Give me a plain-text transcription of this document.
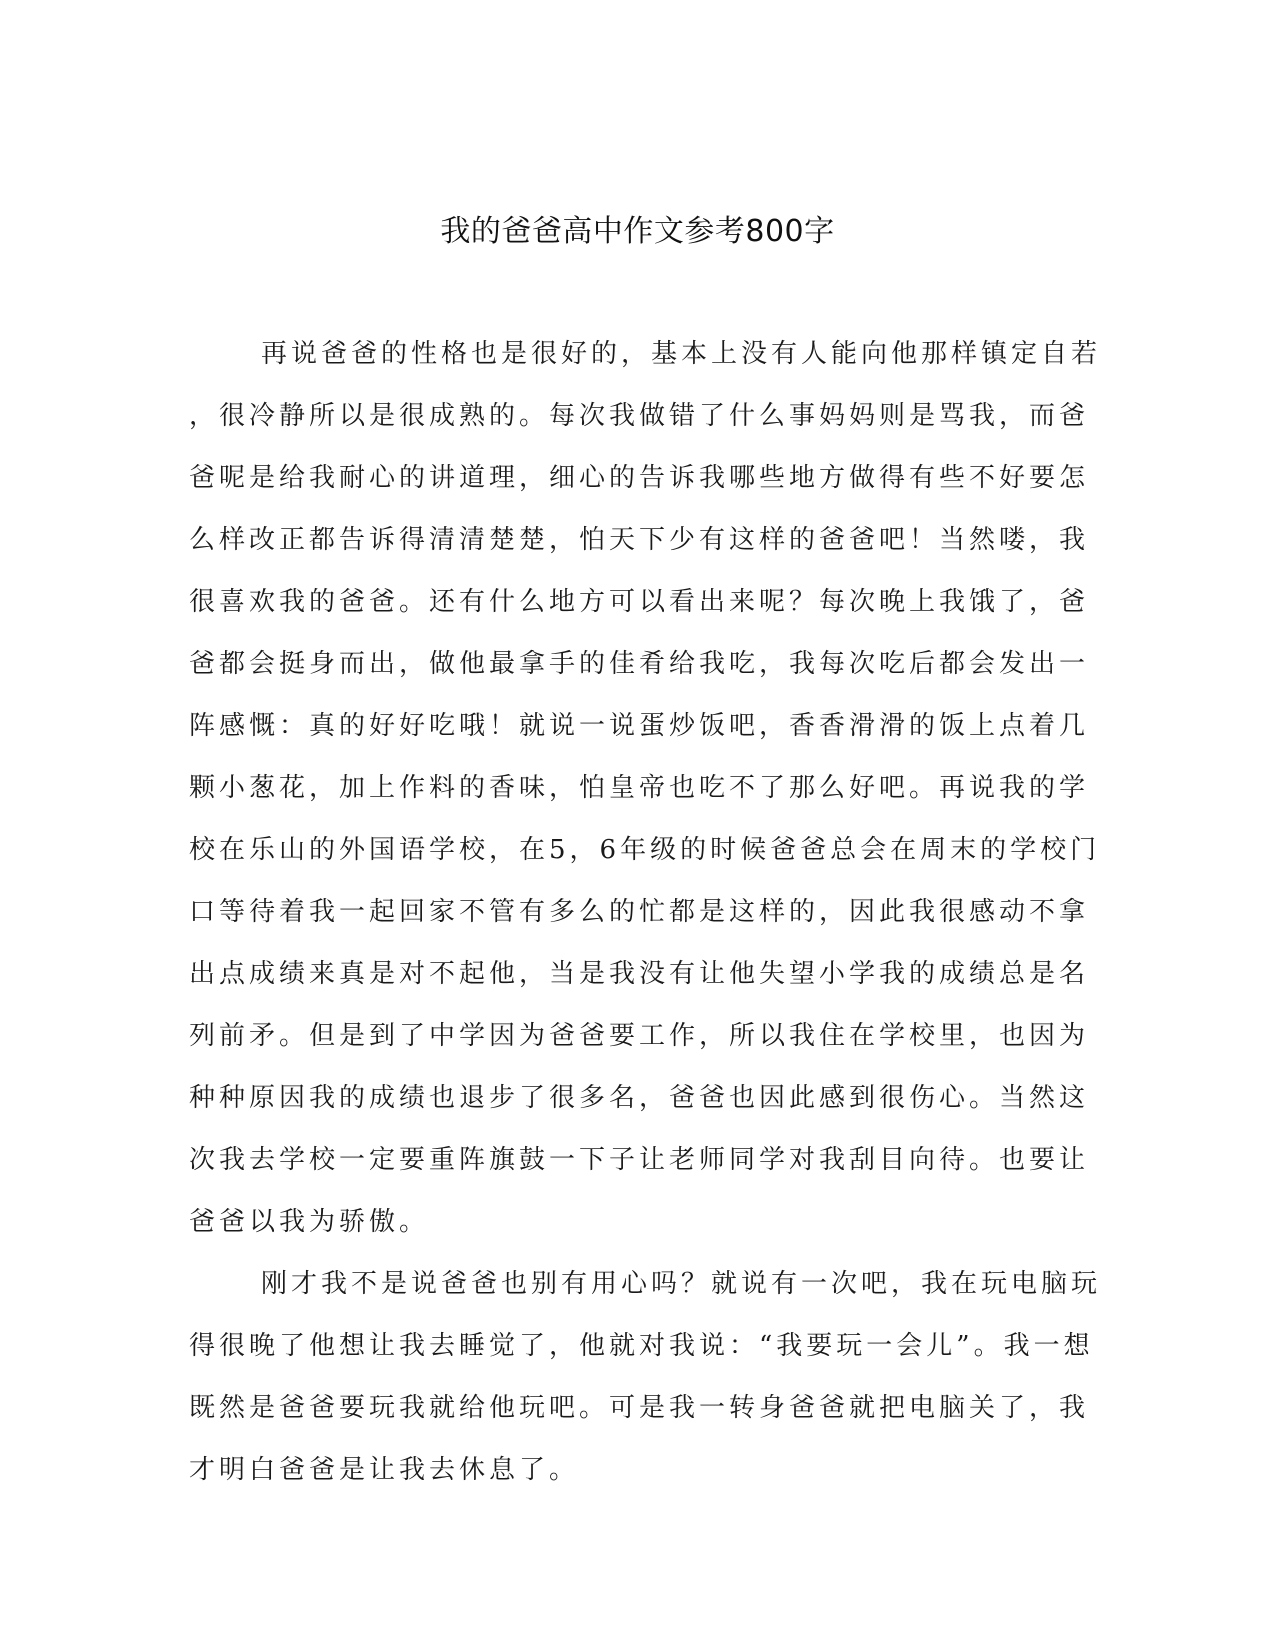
我的爸爸高中作文参考800字
再说爸爸的性格也是很好的，基本上没有人能向他那样镇定自若
，很冷静所以是很成熟的。每次我做错了什么事妈妈则是骂我，而爸
爸呢是给我耐心的讲道理，细心的告诉我哪些地方做得有些不好要怎
么样改正都告诉得清清楚楚，怕天下少有这样的爸爸吧！当然喽，我
很喜欢我的爸爸。还有什么地方可以看出来呢？每次晚上我饿了，爸
爸都会挺身而出，做他最拿手的佳肴给我吃，我每次吃后都会发出一
阵感慨：真的好好吃哦！就说一说蛋炒饭吧，香香滑滑的饭上点着几
颗小葱花，加上作料的香味，怕皇帝也吃不了那么好吧。再说我的学
校在乐山的外国语学校，在5，6年级的时候爸爸总会在周末的学校门
口等待着我一起回家不管有多么的忙都是这样的，因此我很感动不拿
出点成绩来真是对不起他，当是我没有让他失望小学我的成绩总是名
列前矛。但是到了中学因为爸爸要工作，所以我住在学校里，也因为
种种原因我的成绩也退步了很多名，爸爸也因此感到很伤心。当然这
次我去学校一定要重阵旗鼓一下子让老师同学对我刮目向待。也要让
爸爸以我为骄傲。
刚才我不是说爸爸也别有用心吗？就说有一次吧，我在玩电脑玩
得很晚了他想让我去睡觉了，他就对我说：“我要玩一会儿”。我一想
既然是爸爸要玩我就给他玩吧。可是我一转身爸爸就把电脑关了，我
才明白爸爸是让我去休息了。
